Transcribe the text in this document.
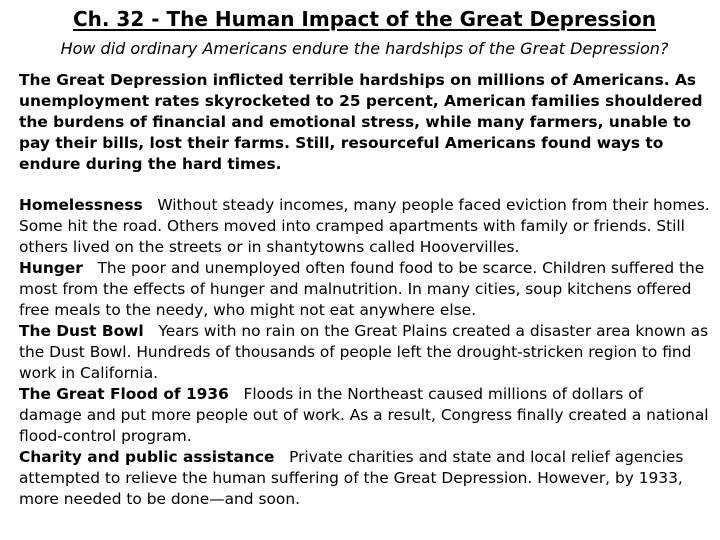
Ch. 32 - The Human Impact of the Great Depression
How did ordinary Americans endure the hardships of the Great Depression?

The Great Depression inflicted terrible hardships on millions of Americans. As unemployment rates skyrocketed to 25 percent, American families shouldered the burdens of financial and emotional stress, while many farmers, unable to pay their bills, lost their farms. Still, resourceful Americans found ways to endure during the hard times.

Homelessness Without steady incomes, many people faced eviction from their homes. Some hit the road. Others moved into cramped apartments with family or friends. Still others lived on the streets or in shantytowns called Hoovervilles.

Hunger The poor and unemployed often found food to be scarce. Children suffered the most from the effects of hunger and malnutrition. In many cities, soup kitchens offered free meals to the needy, who might not eat anywhere else.

The Dust Bowl Years with no rain on the Great Plains created a disaster area known as the Dust Bowl. Hundreds of thousands of people left the drought-stricken region to find work in California.

The Great Flood of 1936 Floods in the Northeast caused millions of dollars of damage and put more people out of work. As a result, Congress finally created a national flood-control program.

Charity and public assistance Private charities and state and local relief agencies attempted to relieve the human suffering of the Great Depression. However, by 1933, more needed to be done—and soon.
